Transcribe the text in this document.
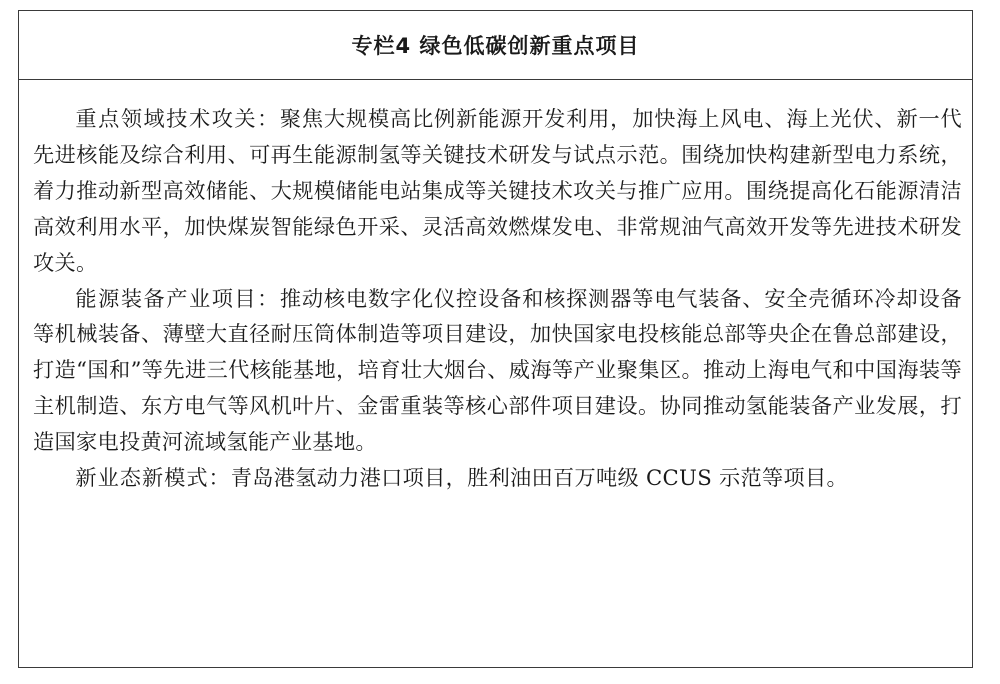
专栏4 绿色低碳创新重点项目

重点领域技术攻关：聚焦大规模高比例新能源开发利用，加快海上风电、海上光伏、新一代先进核能及综合利用、可再生能源制氢等关键技术研发与试点示范。围绕加快构建新型电力系统，着力推动新型高效储能、大规模储能电站集成等关键技术攻关与推广应用。围绕提高化石能源清洁高效利用水平，加快煤炭智能绿色开采、灵活高效燃煤发电、非常规油气高效开发等先进技术研发攻关。

能源装备产业项目：推动核电数字化仪控设备和核探测器等电气装备、安全壳循环冷却设备等机械装备、薄壁大直径耐压筒体制造等项目建设，加快国家电投核能总部等央企在鲁总部建设，打造“国和”等先进三代核能基地，培育壮大烟台、威海等产业聚集区。推动上海电气和中国海装等主机制造、东方电气等风机叶片、金雷重装等核心部件项目建设。协同推动氢能装备产业发展，打造国家电投黄河流域氢能产业基地。

新业态新模式：青岛港氢动力港口项目，胜利油田百万吨级 CCUS 示范等项目。
